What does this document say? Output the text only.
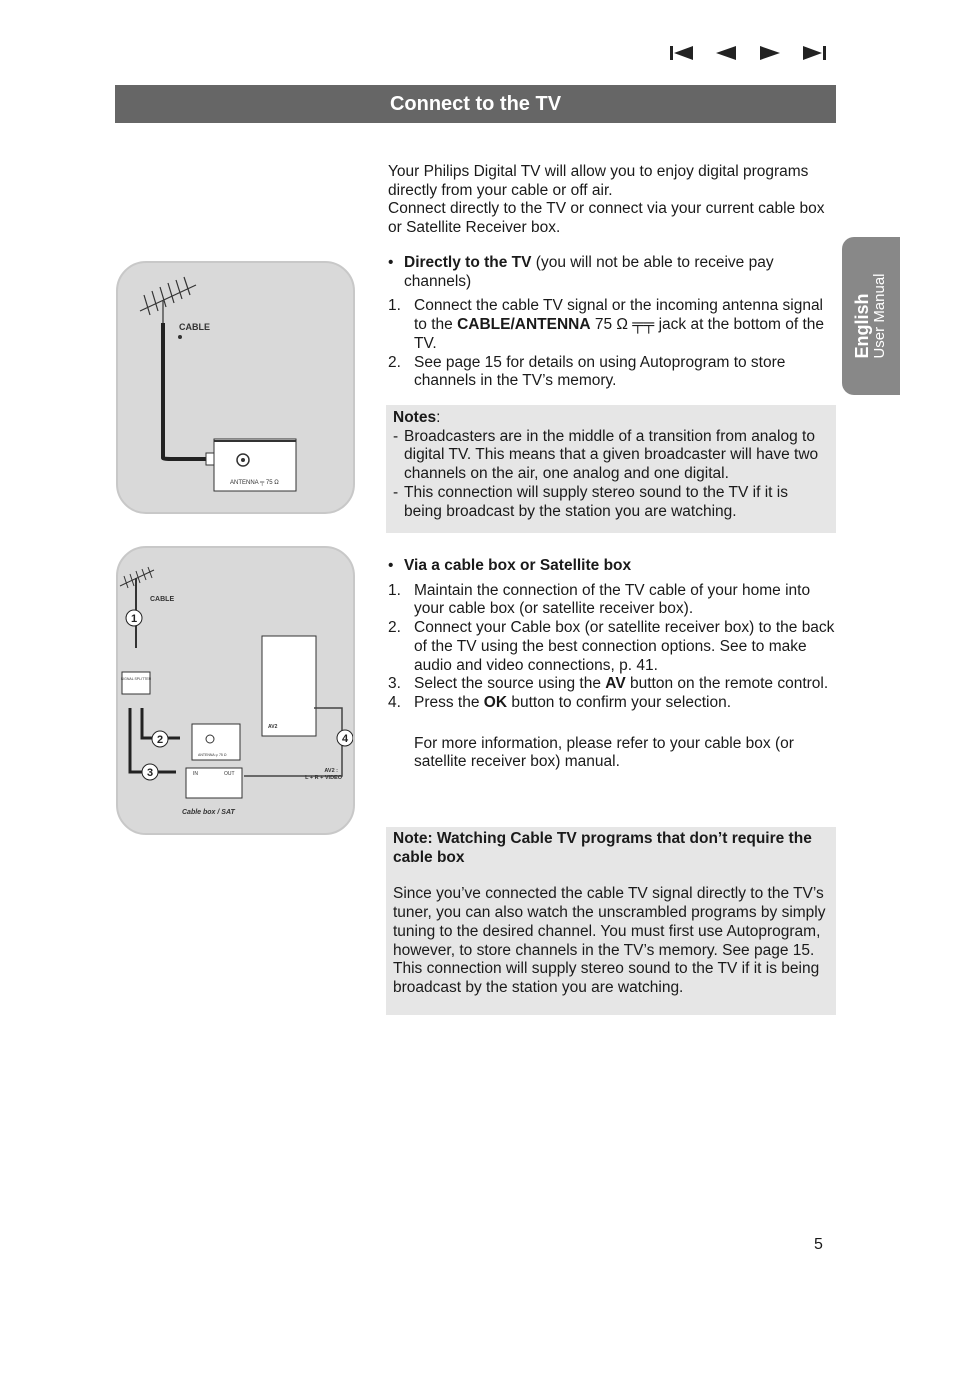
Connect to the TV
English User Manual

Your Philips Digital TV will allow you to enjoy digital programs directly from your cable or off air.

Connect directly to the TV or connect via your current cable box or Satellite Receiver box.

• Directly to the TV (you will not be able to receive pay channels)
1. Connect the cable TV signal or the incoming antenna signal to the CABLE/ANTENNA 75 Ω ╤╤ jack at the bottom of the TV.
2. See page 15 for details on using Autoprogram to store channels in the TV’s memory.
Notes:
- Broadcasters are in the middle of a transition from analog to digital TV. This means that a given broadcaster will have two channels on the air, one analog and one digital.
- This connection will supply stereo sound to the TV if it is being broadcast by the station you are watching.
• Via a cable box or Satellite box
1. Maintain the connection of the TV cable of your home into your cable box (or satellite receiver box).
2. Connect your Cable box (or satellite receiver box) to the back of the TV using the best connection options. See to make audio and video connections, p. 41.
3. Select the source using the AV button on the remote control.
4. Press the OK button to confirm your selection.

For more information, please refer to your cable box (or satellite receiver box) manual.

Note: Watching Cable TV programs that don’t require the cable box
Since you’ve connected the cable TV signal directly to the TV’s tuner, you can also watch the unscrambled programs by simply tuning to the desired channel. You must first use Autoprogram, however, to store channels in the TV’s memory. See page 15. This connection will supply stereo sound to the TV if it is being broadcast by the station you are watching.
CABLE
ANTENNA ╤ 75 Ω
CABLE
SIGNAL SPLITTER
ANTENNA ╤ 75 Ω
IN	OUT
Cable box / SAT
AV2
AV2 :
L + R + VIDEO
1
2
3
4
5
